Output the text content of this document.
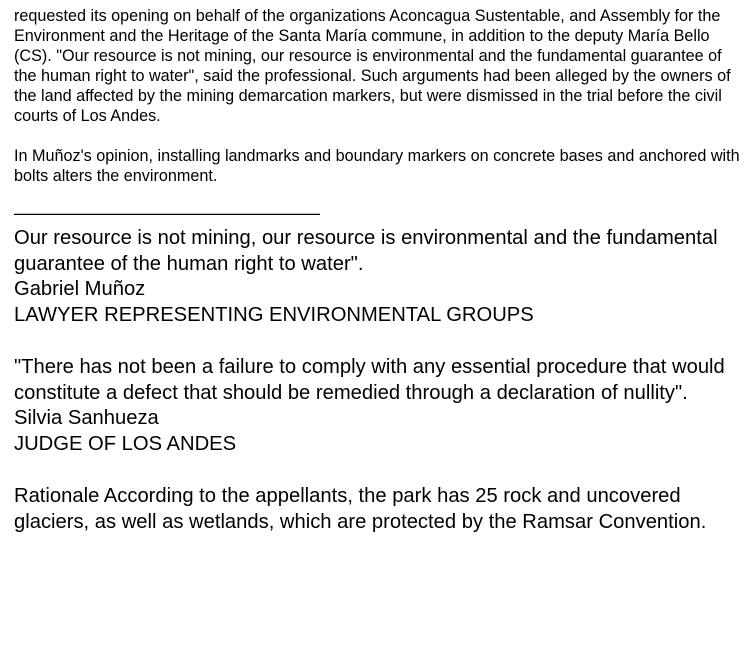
requested its opening on behalf of the organizations Aconcagua Sustentable, and Assembly for the Environment and the Heritage of the Santa María commune, in addition to the deputy María Bello (CS). "Our resource is not mining, our resource is environmental and the fundamental guarantee of the human right to water", said the professional. Such arguments had been alleged by the owners of the land affected by the mining demarcation markers, but were dismissed in the trial before the civil courts of Los Andes.

In Muñoz's opinion, installing landmarks and boundary markers on concrete bases and anchored with bolts alters the environment.

—————————————————

Our resource is not mining, our resource is environmental and the fundamental guarantee of the human right to water".

Gabriel Muñoz

LAWYER REPRESENTING ENVIRONMENTAL GROUPS

"There has not been a failure to comply with any essential procedure that would constitute a defect that should be remedied through a declaration of nullity".

Silvia Sanhueza

JUDGE OF LOS ANDES

Rationale According to the appellants, the park has 25 rock and uncovered glaciers, as well as wetlands, which are protected by the Ramsar Convention.
